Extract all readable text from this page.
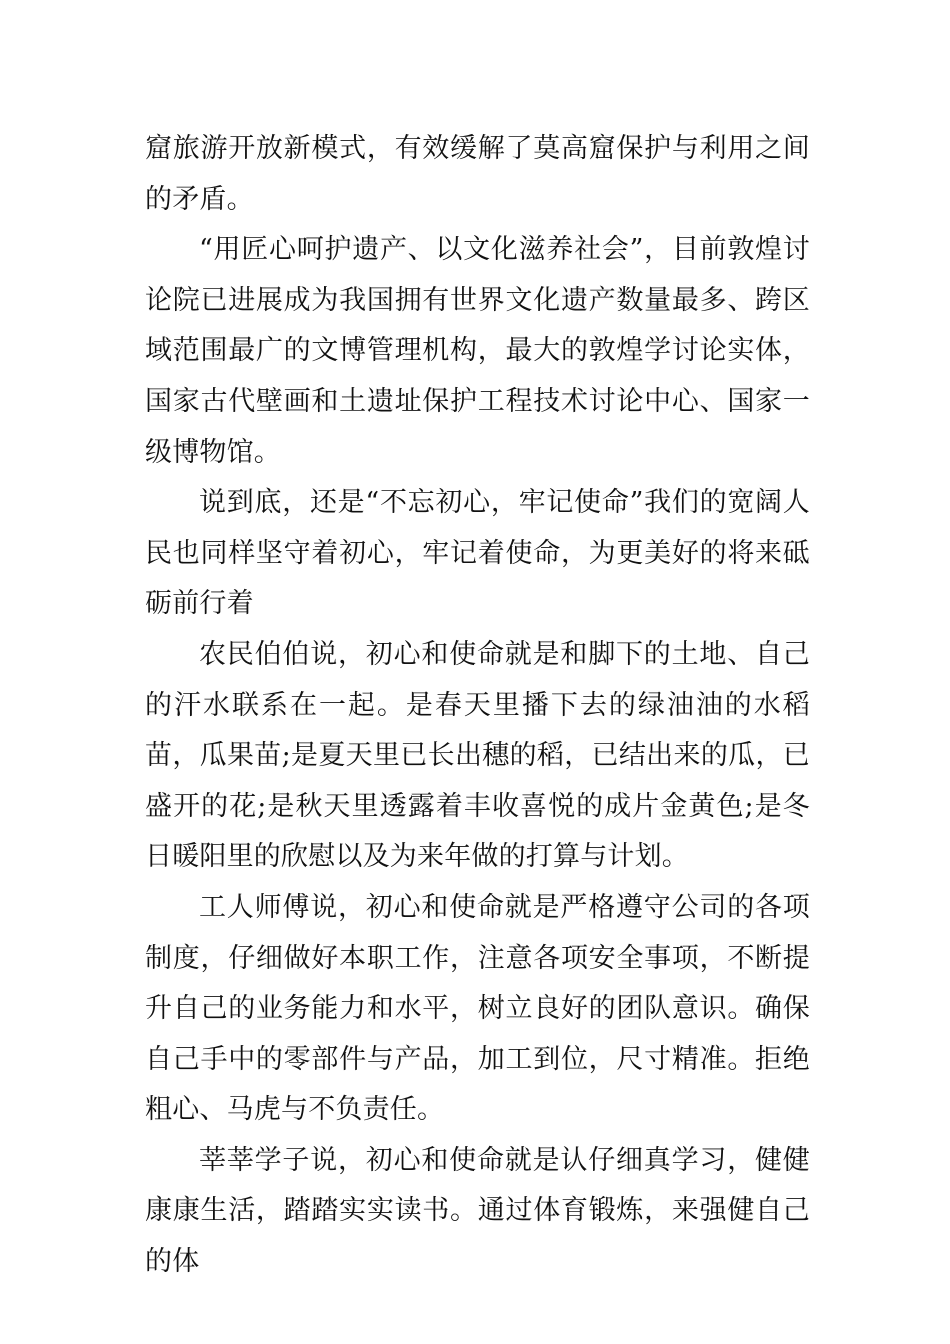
窟旅游开放新模式，有效缓解了莫高窟保护与利用之间的矛盾。

“用匠心呵护遗产、以文化滋养社会”，目前敦煌讨论院已进展成为我国拥有世界文化遗产数量最多、跨区域范围最广的文博管理机构，最大的敦煌学讨论实体，国家古代壁画和土遗址保护工程技术讨论中心、国家一级博物馆。

说到底，还是“不忘初心，牢记使命”我们的宽阔人民也同样坚守着初心，牢记着使命，为更美好的将来砥砺前行着

农民伯伯说，初心和使命就是和脚下的土地、自己的汗水联系在一起。是春天里播下去的绿油油的水稻苗，瓜果苗;是夏天里已长出穗的稻，已结出来的瓜，已盛开的花;是秋天里透露着丰收喜悦的成片金黄色;是冬日暖阳里的欣慰以及为来年做的打算与计划。

工人师傅说，初心和使命就是严格遵守公司的各项制度，仔细做好本职工作，注意各项安全事项，不断提升自己的业务能力和水平，树立良好的团队意识。确保自己手中的零部件与产品，加工到位，尺寸精准。拒绝粗心、马虎与不负责任。

莘莘学子说，初心和使命就是认仔细真学习，健健康康生活，踏踏实实读书。通过体育锻炼，来强健自己的体
